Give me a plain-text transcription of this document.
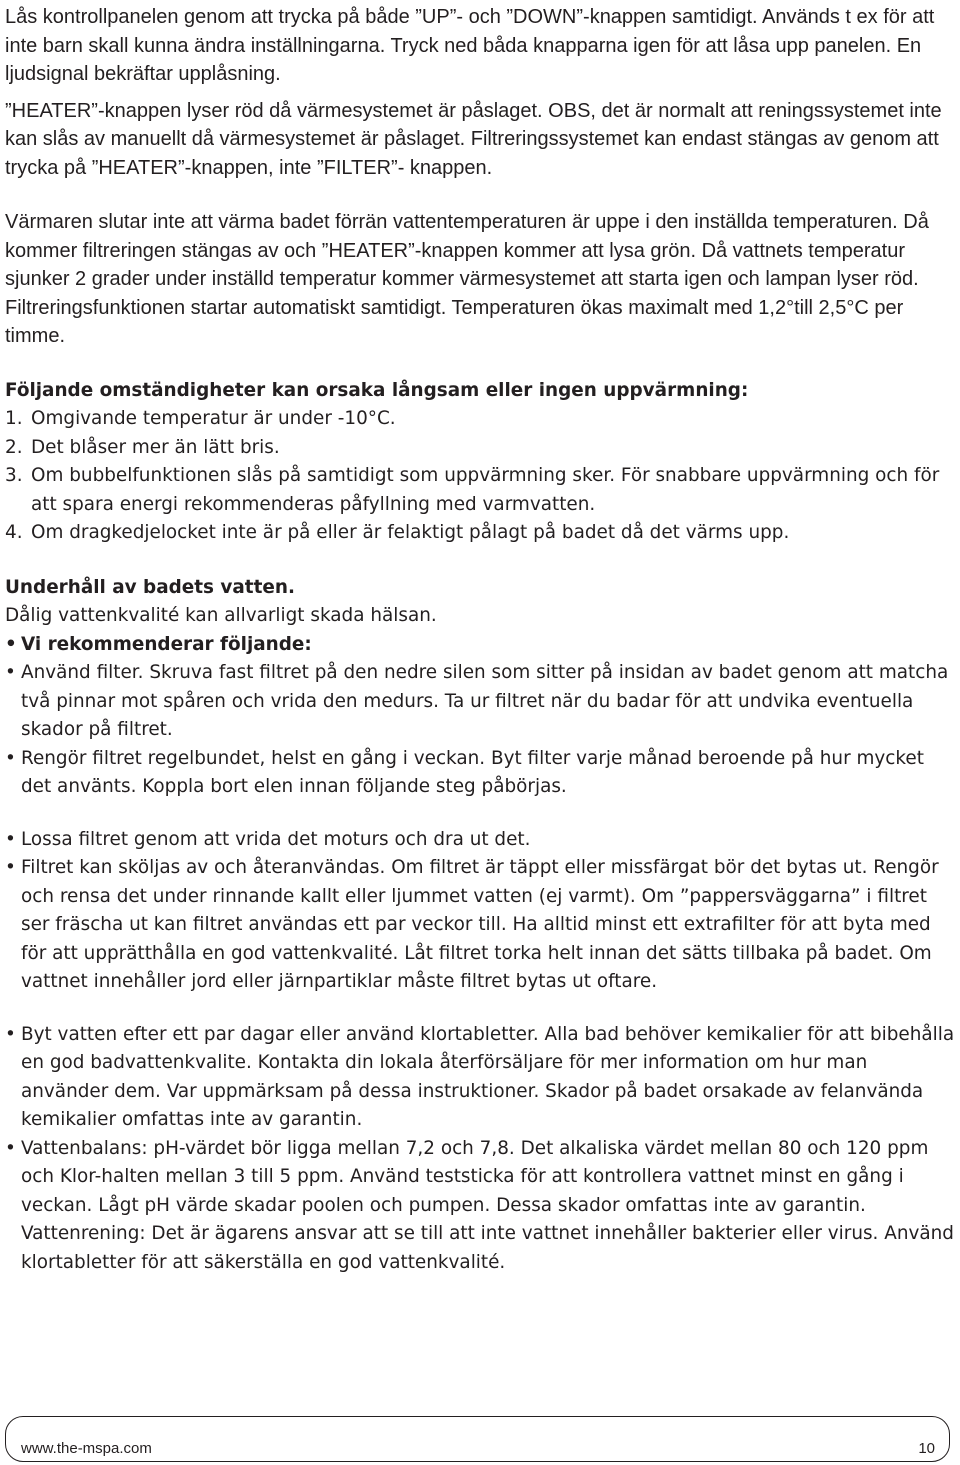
Lås kontrollpanelen genom att trycka på både ”UP”- och ”DOWN”-knappen samtidigt. Används t ex för att inte barn skall kunna ändra inställningarna. Tryck ned båda knapparna igen för att låsa upp panelen. En ljudsignal bekräftar upplåsning.

”HEATER”-knappen lyser röd då värmesystemet är påslaget. OBS, det är normalt att reningssystemet inte kan slås av manuellt då värmesystemet är påslaget. Filtreringssystemet kan endast stängas av genom att trycka på ”HEATER”-knappen, inte ”FILTER”- knappen.

Värmaren slutar inte att värma badet förrän vattentemperaturen är uppe i den inställda temperaturen. Då kommer filtreringen stängas av och ”HEATER”-knappen kommer att lysa grön. Då vattnets temperatur sjunker 2 grader under inställd temperatur kommer värmesystemet att starta igen och lampan lyser röd. Filtreringsfunktionen startar automatiskt samtidigt. Temperaturen ökas maximalt med 1,2°till 2,5°C per timme.

Följande omständigheter kan orsaka långsam eller ingen uppvärmning:

1. Omgivande temperatur är under -10°C.
2. Det blåser mer än lätt bris.
3. Om bubbelfunktionen slås på samtidigt som uppvärmning sker. För snabbare uppvärmning och för att spara energi rekommenderas påfyllning med varmvatten.
4. Om dragkedjelocket inte är på eller är felaktigt pålagt på badet då det värms upp.

Underhåll av badets vatten.

Dålig vattenkvalité kan allvarligt skada hälsan.

• Vi rekommenderar följande:
• Använd filter. Skruva fast filtret på den nedre silen som sitter på insidan av badet genom att matcha två pinnar mot spåren och vrida den medurs. Ta ur filtret när du badar för att undvika eventuella skador på filtret.
• Rengör filtret regelbundet, helst en gång i veckan. Byt filter varje månad beroende på hur mycket det använts. Koppla bort elen innan följande steg påbörjas.
• Lossa filtret genom att vrida det moturs och dra ut det.
• Filtret kan sköljas av och återanvändas. Om filtret är täppt eller missfärgat bör det bytas ut. Rengör och rensa det under rinnande kallt eller ljummet vatten (ej varmt). Om ”pappersväggarna” i filtret ser fräscha ut kan filtret användas ett par veckor till. Ha alltid minst ett extrafilter för att byta med för att upprätthålla en god vattenkvalité. Låt filtret torka helt innan det sätts tillbaka på badet. Om vattnet innehåller jord eller järnpartiklar måste filtret bytas ut oftare.
• Byt vatten efter ett par dagar eller använd klortabletter. Alla bad behöver kemikalier för att bibehålla en god badvattenkvalite. Kontakta din lokala återförsäljare för mer information om hur man använder dem. Var uppmärksam på dessa instruktioner. Skador på badet orsakade av felanvända kemikalier omfattas inte av garantin.
• Vattenbalans: pH-värdet bör ligga mellan 7,2 och 7,8. Det alkaliska värdet mellan 80 och 120 ppm och Klor-halten mellan 3 till 5 ppm. Använd teststicka för att kontrollera vattnet minst en gång i veckan. Lågt pH värde skadar poolen och pumpen. Dessa skador omfattas inte av garantin. Vattenrening: Det är ägarens ansvar att se till att inte vattnet innehåller bakterier eller virus. Använd klortabletter för att säkerställa en god vattenkvalité.
www.the-mspa.com	10
